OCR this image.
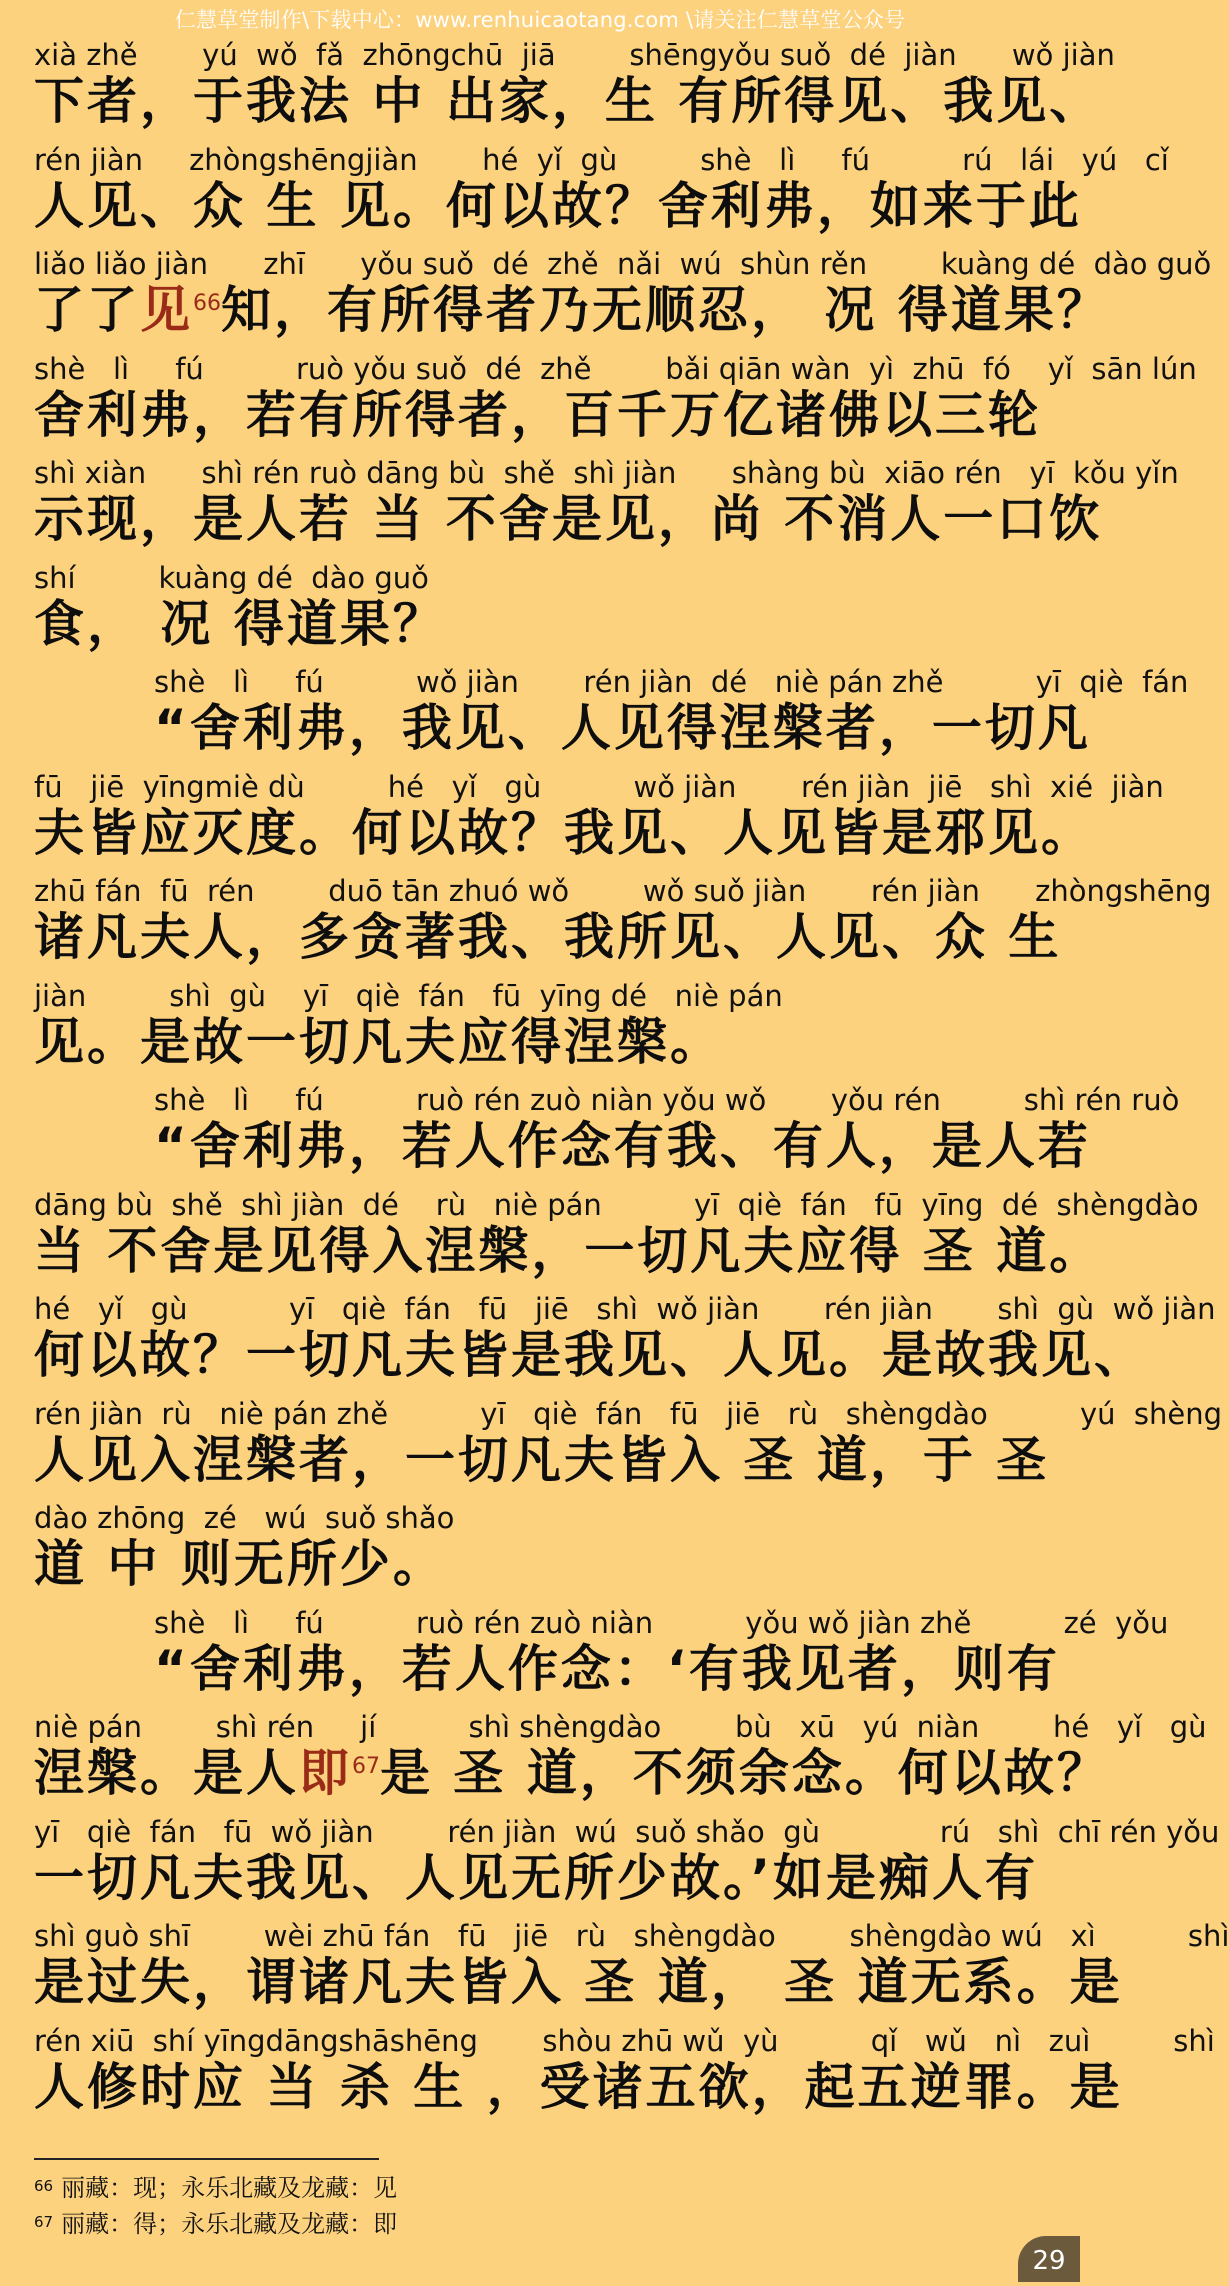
仁慧草堂制作\下载中心：www.renhuicaotang.com \请关注仁慧草堂公众号
xià zhě       yú  wǒ  fǎ  zhōngchū  jiā        shēngyǒu suǒ  dé  jiàn      wǒ jiàn
下者，于我法 中 出家，生 有所得见、我见、
rén jiàn     zhòngshēngjiàn       hé  yǐ  gù         shè   lì     fú          rú   lái   yú   cǐ
人见、众 生 见。何以故？舍利弗，如来于此
liǎo liǎo jiàn      zhī      yǒu suǒ  dé  zhě  nǎi  wú  shùn rěn        kuàng dé  dào guǒ
了了见$^{66}$知，有所得者乃无顺忍， 况 得道果？
shè   lì     fú          ruò yǒu suǒ  dé  zhě        bǎi qiān wàn  yì  zhū  fó    yǐ  sān lún
舍利弗，若有所得者，百千万亿诸佛以三轮
shì xiàn      shì rén ruò dāng bù  shě  shì jiàn      shàng bù  xiāo rén   yī  kǒu yǐn
示现，是人若 当 不舍是见，尚 不消人一口饮
shí         kuàng dé  dào guǒ
食， 况 得道果？
shè   lì     fú          wǒ jiàn       rén jiàn  dé   niè pán zhě          yī  qiè  fán
“舍利弗，我见、人见得涅槃者，一切凡
fū   jiē  yīngmiè dù         hé   yǐ   gù          wǒ jiàn       rén jiàn  jiē   shì  xié  jiàn
夫皆应灭度。何以故？我见、人见皆是邪见。
zhū fán  fū  rén        duō tān zhuó wǒ        wǒ suǒ jiàn       rén jiàn      zhòngshēng
诸凡夫人，多贪著我、我所见、人见、众 生
jiàn         shì  gù    yī   qiè  fán   fū  yīng dé   niè pán
见。是故一切凡夫应得涅槃。
shè   lì     fú          ruò rén zuò niàn yǒu wǒ       yǒu rén         shì rén ruò
“舍利弗，若人作念有我、有人，是人若
dāng bù  shě  shì jiàn  dé    rù   niè pán          yī  qiè  fán   fū  yīng  dé  shèngdào
当 不舍是见得入涅槃，一切凡夫应得 圣 道。
hé   yǐ   gù           yī   qiè  fán   fū   jiē   shì  wǒ jiàn       rén jiàn       shì  gù  wǒ jiàn
何以故？一切凡夫皆是我见、人见。是故我见、
rén jiàn  rù   niè pán zhě          yī   qiè  fán   fū   jiē   rù   shèngdào          yú  shèng
人见入涅槃者，一切凡夫皆入 圣 道，于 圣
dào zhōng  zé   wú  suǒ shǎo
道 中 则无所少。
shè   lì     fú          ruò rén zuò niàn          yǒu wǒ jiàn zhě          zé  yǒu
“舍利弗，若人作念：‘有我见者，则有
niè pán        shì rén     jí          shì shèngdào        bù   xū   yú  niàn        hé   yǐ   gù
涅槃。是人即$^{67}$是 圣 道，不须余念。何以故？
yī   qiè  fán   fū  wǒ jiàn        rén jiàn  wú  suǒ shǎo  gù             rú   shì  chī rén yǒu
一切凡夫我见、人见无所少故。’如是痴人有
shì guò shī        wèi zhū fán   fū   jiē   rù   shèngdào        shèngdào wú   xì          shì
是过失，谓诸凡夫皆入 圣 道， 圣 道无系。是
rén xiū  shí yīngdāngshāshēng       shòu zhū wǔ  yù          qǐ   wǔ   nì   zuì         shì
人修时应 当 杀 生 ，受诸五欲，起五逆罪。是
$^{66}$ 丽藏：现；永乐北藏及龙藏：见
$^{67}$ 丽藏：得；永乐北藏及龙藏：即
29
